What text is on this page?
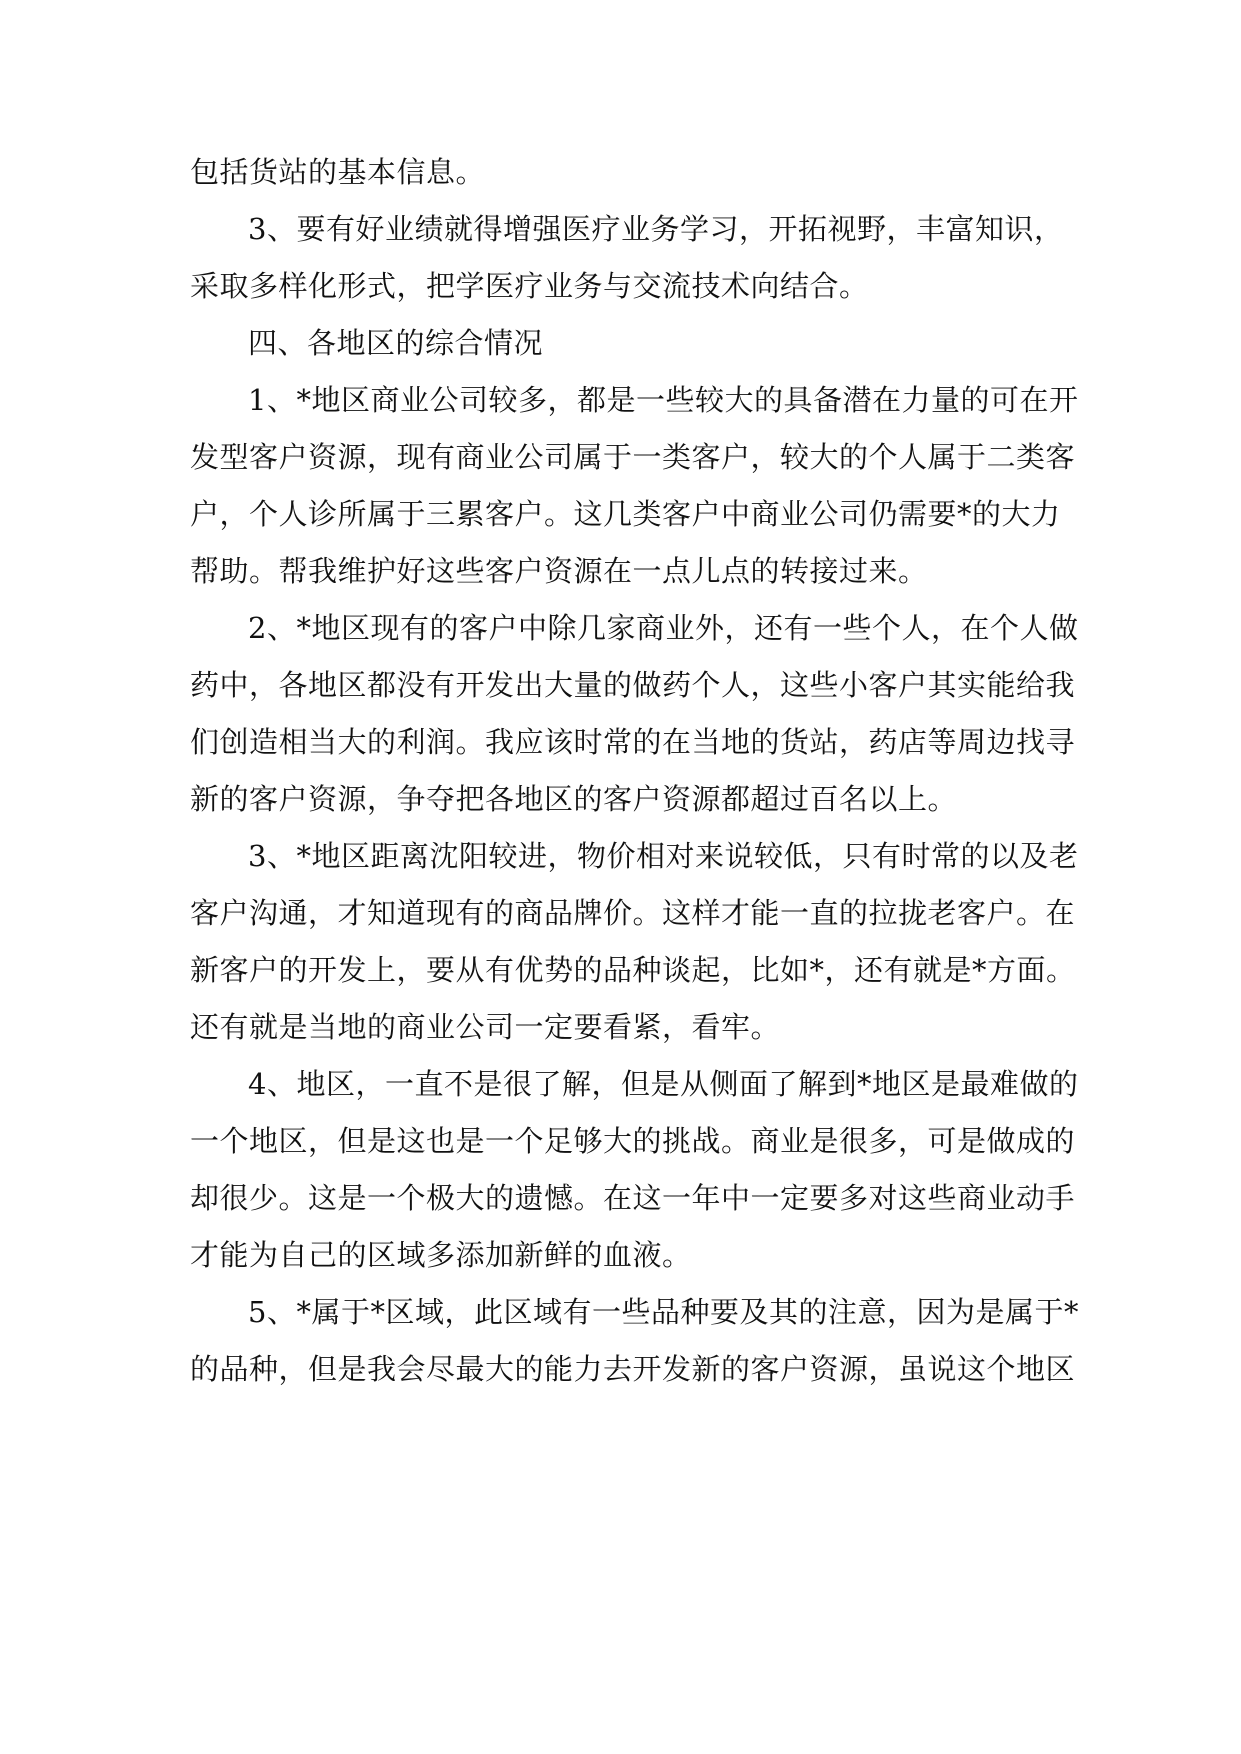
包括货站的基本信息。
3、要有好业绩就得增强医疗业务学习，开拓视野，丰富知识，
采取多样化形式，把学医疗业务与交流技术向结合。
四、各地区的综合情况
1、*地区商业公司较多，都是一些较大的具备潜在力量的可在开
发型客户资源，现有商业公司属于一类客户，较大的个人属于二类客
户，个人诊所属于三累客户。这几类客户中商业公司仍需要*的大力
帮助。帮我维护好这些客户资源在一点儿点的转接过来。
2、*地区现有的客户中除几家商业外，还有一些个人，在个人做
药中，各地区都没有开发出大量的做药个人，这些小客户其实能给我
们创造相当大的利润。我应该时常的在当地的货站，药店等周边找寻
新的客户资源，争夺把各地区的客户资源都超过百名以上。
3、*地区距离沈阳较进，物价相对来说较低，只有时常的以及老
客户沟通，才知道现有的商品牌价。这样才能一直的拉拢老客户。在
新客户的开发上，要从有优势的品种谈起，比如*，还有就是*方面。
还有就是当地的商业公司一定要看紧，看牢。
4、地区，一直不是很了解，但是从侧面了解到*地区是最难做的
一个地区，但是这也是一个足够大的挑战。商业是很多，可是做成的
却很少。这是一个极大的遗憾。在这一年中一定要多对这些商业动手
才能为自己的区域多添加新鲜的血液。
5、*属于*区域，此区域有一些品种要及其的注意，因为是属于*
的品种，但是我会尽最大的能力去开发新的客户资源，虽说这个地区
